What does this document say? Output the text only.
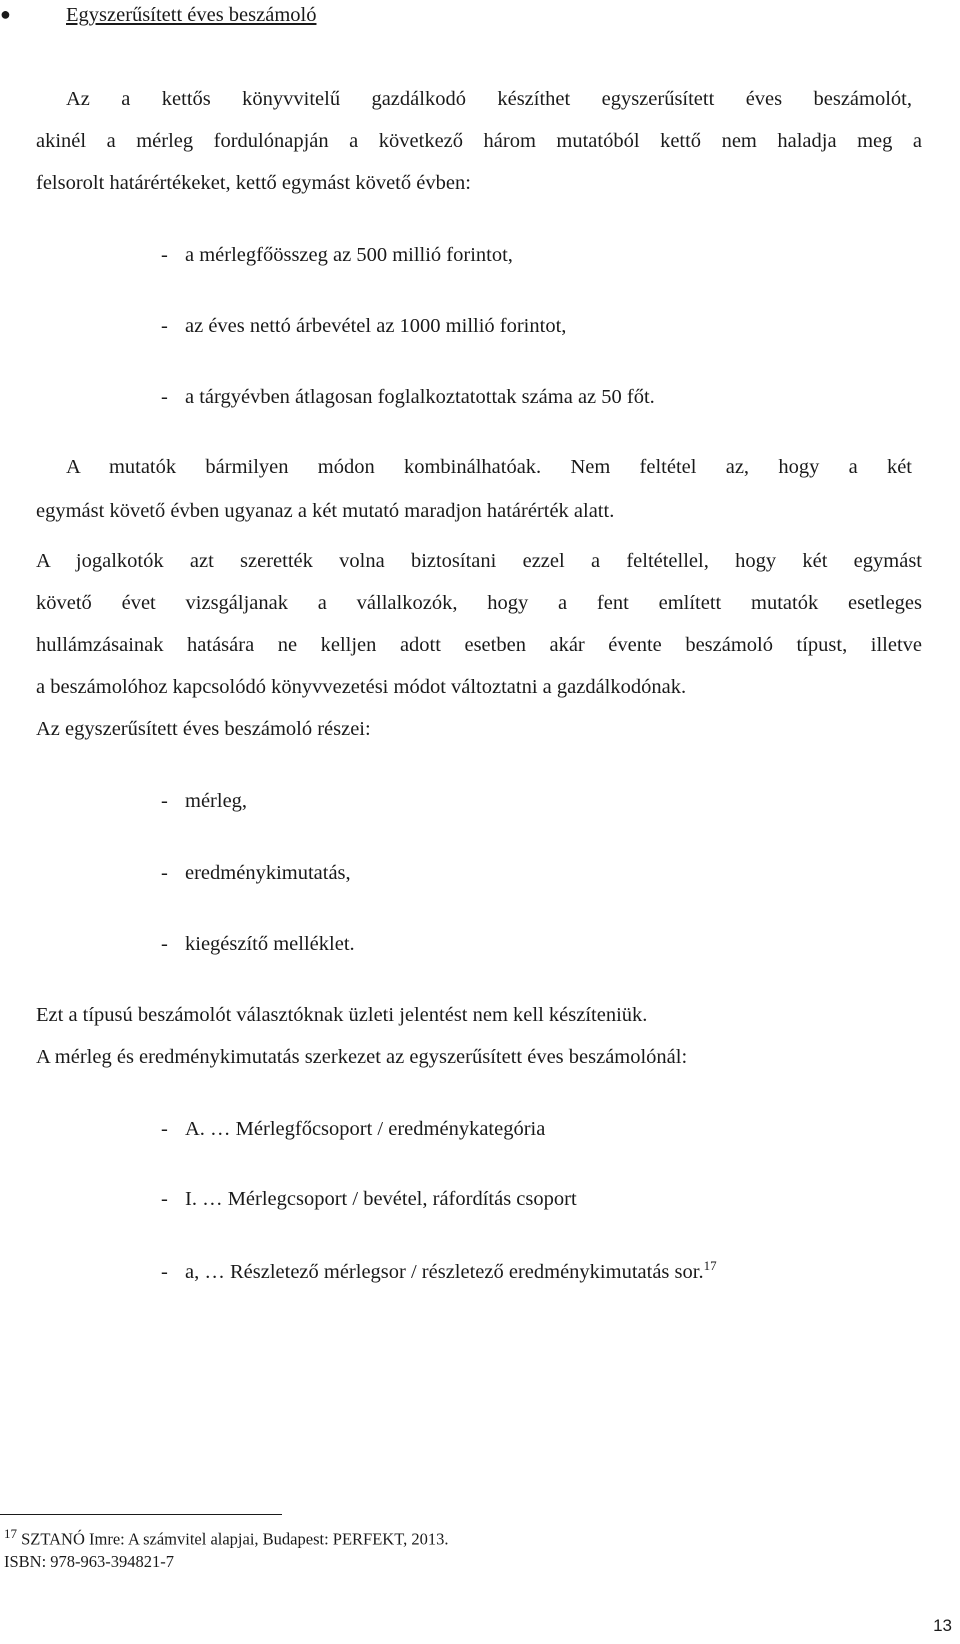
●	Egyszerűsített éves beszámoló
Az a kettős könyvvitelű gazdálkodó készíthet egyszerűsített éves beszámolót,
akinél a mérleg fordulónapján a következő három mutatóból kettő nem haladja meg a
felsorolt határértékeket, kettő egymást követő évben:
- a mérlegfőösszeg az 500 millió forintot,
- az éves nettó árbevétel az 1000 millió forintot,
- a tárgyévben átlagosan foglalkoztatottak száma az 50 főt.
A mutatók bármilyen módon kombinálhatóak. Nem feltétel az, hogy a két
egymást követő évben ugyanaz a két mutató maradjon határérték alatt.
A jogalkotók azt szerették volna biztosítani ezzel a feltétellel, hogy két egymást
követő évet vizsgáljanak a vállalkozók, hogy a fent említett mutatók esetleges
hullámzásainak hatására ne kelljen adott esetben akár évente beszámoló típust, illetve
a beszámolóhoz kapcsolódó könyvvezetési módot változtatni a gazdálkodónak.
Az egyszerűsített éves beszámoló részei:
- mérleg,
- eredménykimutatás,
- kiegészítő melléklet.
Ezt a típusú beszámolót választóknak üzleti jelentést nem kell készíteniük.
A mérleg és eredménykimutatás szerkezet az egyszerűsített éves beszámolónál:
- A. … Mérlegfőcsoport / eredménykategória
- I. … Mérlegcsoport / bevétel, ráfordítás csoport
- a, … Részletező mérlegsor / részletező eredménykimutatás sor.$^{17}$
$^{17}$ SZTANÓ Imre: A számvitel alapjai, Budapest: PERFEKT, 2013.
ISBN: 978-963-394821-7
13
